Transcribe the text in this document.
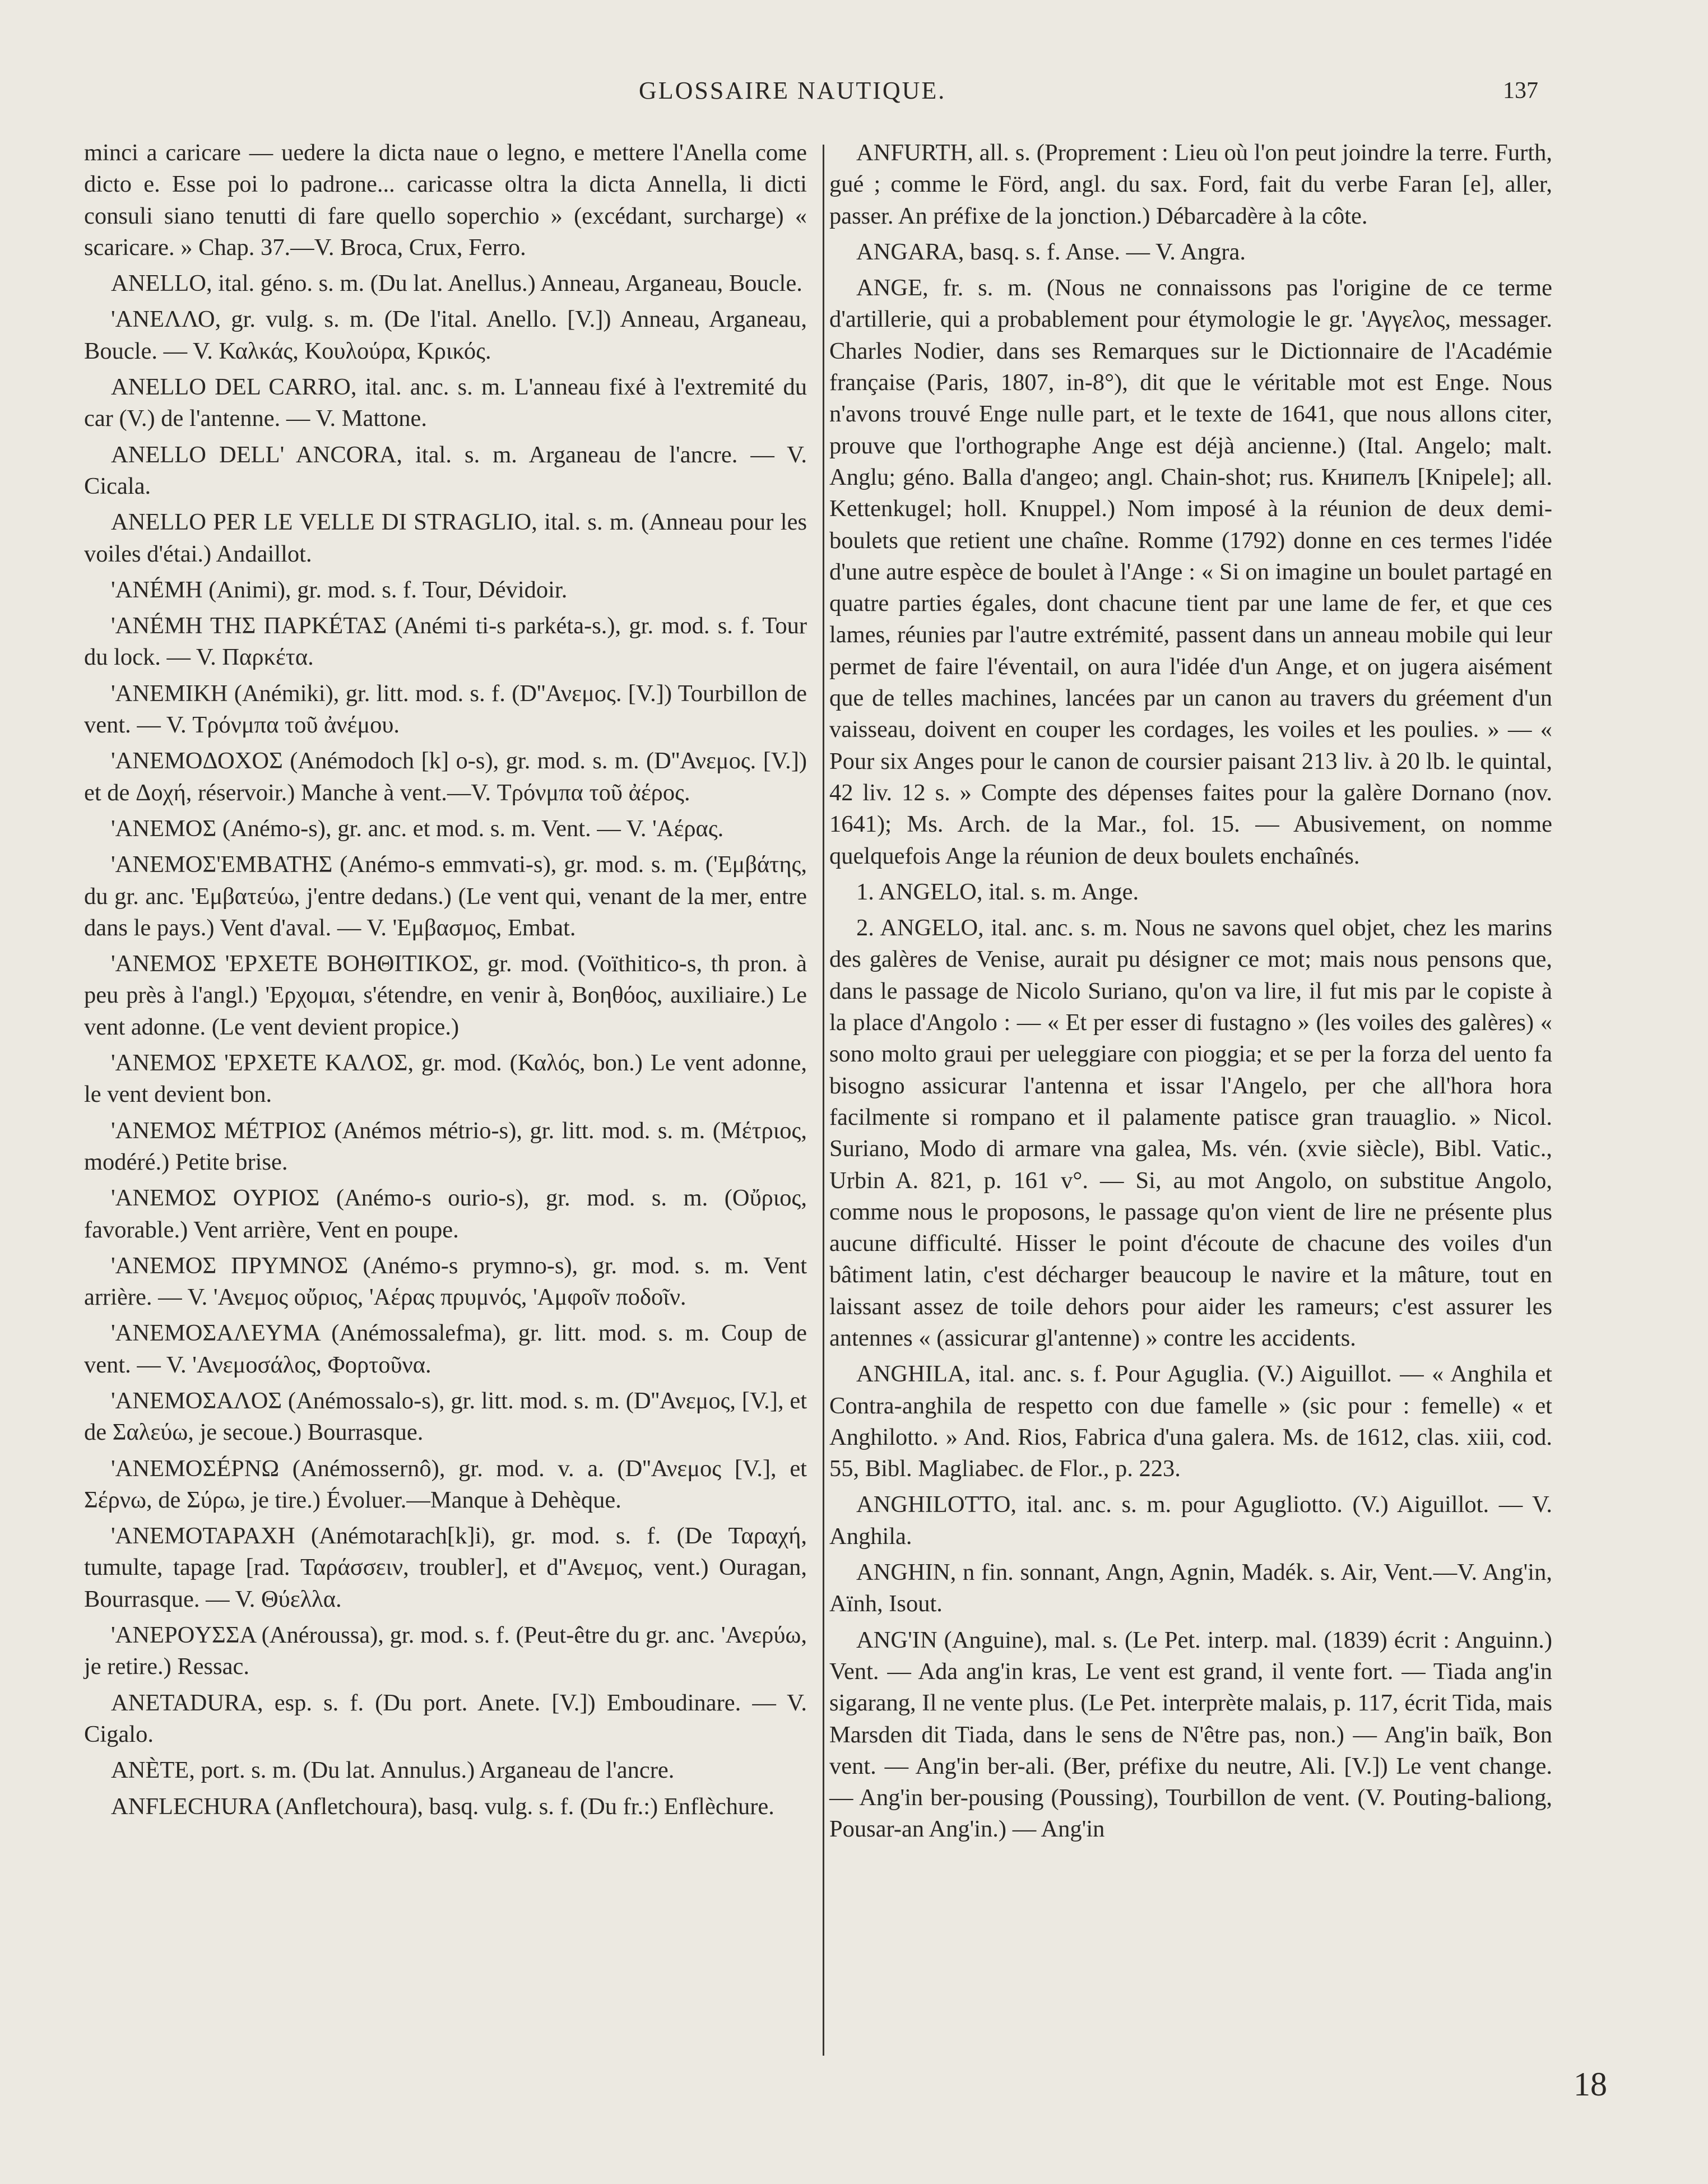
GLOSSAIRE NAUTIQUE.	137

minci a caricare — uedere la dicta naue o legno, e mettere l'Anella come dicto e. Esse poi lo padrone... caricasse oltra la dicta Annella, li dicti consuli siano tenutti di fare quello soperchio » (excédant, surcharge) « scaricare. » Chap. 37.—V. Broca, Crux, Ferro.

ANELLO, ital. géno. s. m. (Du lat. Anellus.) Anneau, Arganeau, Boucle.

'ANEΛΛΟ, gr. vulg. s. m. (De l'ital. Anello. [V.]) Anneau, Arganeau, Boucle. — V. Καλκάς, Κουλούρα, Κρικός.

ANELLO DEL CARRO, ital. anc. s. m. L'anneau fixé à l'extremité du car (V.) de l'antenne. — V. Mattone.

ANELLO DELL' ANCORA, ital. s. m. Arganeau de l'ancre. — V. Cicala.

ANELLO PER LE VELLE DI STRAGLIO, ital. s. m. (Anneau pour les voiles d'étai.) Andaillot.

'ANÉMH (Animi), gr. mod. s. f. Tour, Dévidoir.

'ANÉMH THΣ ΠΑΡΚÉΤΑΣ (Anémi ti-s parkéta-s.), gr. mod. s. f. Tour du lock. — V. Παρκέτα.

'ANEMIKH (Anémiki), gr. litt. mod. s. f. (D''Ανεμος. [V.]) Tourbillon de vent. — V. Τρόνμπα τοῦ ἀνέμου.

'ANEMOΔΟΧΟΣ (Anémodoch [k] o-s), gr. mod. s. m. (D''Ανεμος. [V.]) et de Δοχή, réservoir.) Manche à vent.—V. Τρόνμπα τοῦ ἀέρος.

'ANEMOΣ (Anémo-s), gr. anc. et mod. s. m. Vent. — V. 'Αέρας.

'ANEMOΣ'EMBATHΣ (Anémo-s emmvati-s), gr. mod. s. m. ('Εμβάτης, du gr. anc. 'Εμβατεύω, j'entre dedans.) (Le vent qui, venant de la mer, entre dans le pays.) Vent d'aval. — V. 'Εμβασμος, Embat.

'ANEMOΣ 'EPXETE BOHΘITIKOΣ, gr. mod. (Voïthitico-s, th pron. à peu près à l'angl.) 'Ερχομαι, s'étendre, en venir à, Βοηθόος, auxiliaire.) Le vent adonne. (Le vent devient propice.)

'ANEMOΣ 'EPXETE KAΛOΣ, gr. mod. (Καλός, bon.) Le vent adonne, le vent devient bon.

'ANEMOΣ MÉTPIOΣ (Anémos métrio-s), gr. litt. mod. s. m. (Μέτριος, modéré.) Petite brise.

'ANEMOΣ OYPIOΣ (Anémo-s ourio-s), gr. mod. s. m. (Οὔριος, favorable.) Vent arrière, Vent en poupe.

'ANEMOΣ ΠPYMNOΣ (Anémo-s prymno-s), gr. mod. s. m. Vent arrière. — V. 'Ανεμος οὔριος, 'Αέρας πρυμνός, 'Αμφοῖν ποδοῖν.

'ANEMOΣAΛEYMA (Anémossalefma), gr. litt. mod. s. m. Coup de vent. — V. 'Ανεμοσάλος, Φορτοῦνα.

'ANEMOΣAΛOΣ (Anémossalo-s), gr. litt. mod. s. m. (D''Ανεμος, [V.], et de Σαλεύω, je secoue.) Bourrasque.

'ANEMOΣÉPNΩ (Anémossernô), gr. mod. v. a. (D''Ανεμος [V.], et Σέρνω, de Σύρω, je tire.) Évoluer.—Manque à Dehèque.

'ANEMOTAPAXH (Anémotarach[k]i), gr. mod. s. f. (De Ταραχή, tumulte, tapage [rad. Ταράσσειν, troubler], et d''Ανεμος, vent.) Ouragan, Bourrasque. — V. Θύελλα.

'ANEPOYΣΣA (Anéroussa), gr. mod. s. f. (Peut-être du gr. anc. 'Ανερύω, je retire.) Ressac.

ANETADURA, esp. s. f. (Du port. Anete. [V.]) Emboudinare. — V. Cigalo.

ANÈTE, port. s. m. (Du lat. Annulus.) Arganeau de l'ancre.

ANFLECHURA (Anfletchoura), basq. vulg. s. f. (Du fr.:) Enflèchure.

ANFURTH, all. s. (Proprement : Lieu où l'on peut joindre la terre. Furth, gué ; comme le Förd, angl. du sax. Ford, fait du verbe Faran [e], aller, passer. An préfixe de la jonction.) Débarcadère à la côte.

ANGARA, basq. s. f. Anse. — V. Angra.

ANGE, fr. s. m. (Nous ne connaissons pas l'origine de ce terme d'artillerie, qui a probablement pour étymologie le gr. 'Αγγελος, messager. Charles Nodier, dans ses Remarques sur le Dictionnaire de l'Académie française (Paris, 1807, in-8°), dit que le véritable mot est Enge. Nous n'avons trouvé Enge nulle part, et le texte de 1641, que nous allons citer, prouve que l'orthographe Ange est déjà ancienne.) (Ital. Angelo; malt. Anglu; géno. Balla d'angeo; angl. Chain-shot; rus. Книпелъ [Knipele]; all. Kettenkugel; holl. Knuppel.) Nom imposé à la réunion de deux demi-boulets que retient une chaîne. Romme (1792) donne en ces termes l'idée d'une autre espèce de boulet à l'Ange : « Si on imagine un boulet partagé en quatre parties égales, dont chacune tient par une lame de fer, et que ces lames, réunies par l'autre extrémité, passent dans un anneau mobile qui leur permet de faire l'éventail, on aura l'idée d'un Ange, et on jugera aisément que de telles machines, lancées par un canon au travers du gréement d'un vaisseau, doivent en couper les cordages, les voiles et les poulies. » — « Pour six Anges pour le canon de coursier paisant 213 liv. à 20 lb. le quintal, 42 liv. 12 s. » Compte des dépenses faites pour la galère Dornano (nov. 1641); Ms. Arch. de la Mar., fol. 15. — Abusivement, on nomme quelquefois Ange la réunion de deux boulets enchaînés.

1. ANGELO, ital. s. m. Ange.

2. ANGELO, ital. anc. s. m. Nous ne savons quel objet, chez les marins des galères de Venise, aurait pu désigner ce mot; mais nous pensons que, dans le passage de Nicolo Suriano, qu'on va lire, il fut mis par le copiste à la place d'Angolo : — « Et per esser di fustagno » (les voiles des galères) « sono molto graui per ueleggiare con pioggia; et se per la forza del uento fa bisogno assicurar l'antenna et issar l'Angelo, per che all'hora hora facilmente si rompano et il palamente patisce gran trauaglio. » Nicol. Suriano, Modo di armare vna galea, Ms. vén. (xvie siècle), Bibl. Vatic., Urbin A. 821, p. 161 v°. — Si, au mot Angolo, on substitue Angolo, comme nous le proposons, le passage qu'on vient de lire ne présente plus aucune difficulté. Hisser le point d'écoute de chacune des voiles d'un bâtiment latin, c'est décharger beaucoup le navire et la mâture, tout en laissant assez de toile dehors pour aider les rameurs; c'est assurer les antennes « (assicurar gl'antenne) » contre les accidents.

ANGHILA, ital. anc. s. f. Pour Aguglia. (V.) Aiguillot. — « Anghila et Contra-anghila de respetto con due famelle » (sic pour : femelle) « et Anghilotto. » And. Rios, Fabrica d'una galera. Ms. de 1612, clas. xiii, cod. 55, Bibl. Magliabec. de Flor., p. 223.

ANGHILOTTO, ital. anc. s. m. pour Agugliotto. (V.) Aiguillot. — V. Anghila.

ANGHIN, n fin. sonnant, Angn, Agnin, Madék. s. Air, Vent.—V. Ang'in, Aïnh, Isout.

ANG'IN (Anguine), mal. s. (Le Pet. interp. mal. (1839) écrit : Anguinn.) Vent. — Ada ang'in kras, Le vent est grand, il vente fort. — Tiada ang'in sigarang, Il ne vente plus. (Le Pet. interprète malais, p. 117, écrit Tida, mais Marsden dit Tiada, dans le sens de N'être pas, non.) — Ang'in baïk, Bon vent. — Ang'in ber-ali. (Ber, préfixe du neutre, Ali. [V.]) Le vent change. — Ang'in ber-pousing (Poussing), Tourbillon de vent. (V. Pouting-baliong, Pousar-an Ang'in.) — Ang'in

18
